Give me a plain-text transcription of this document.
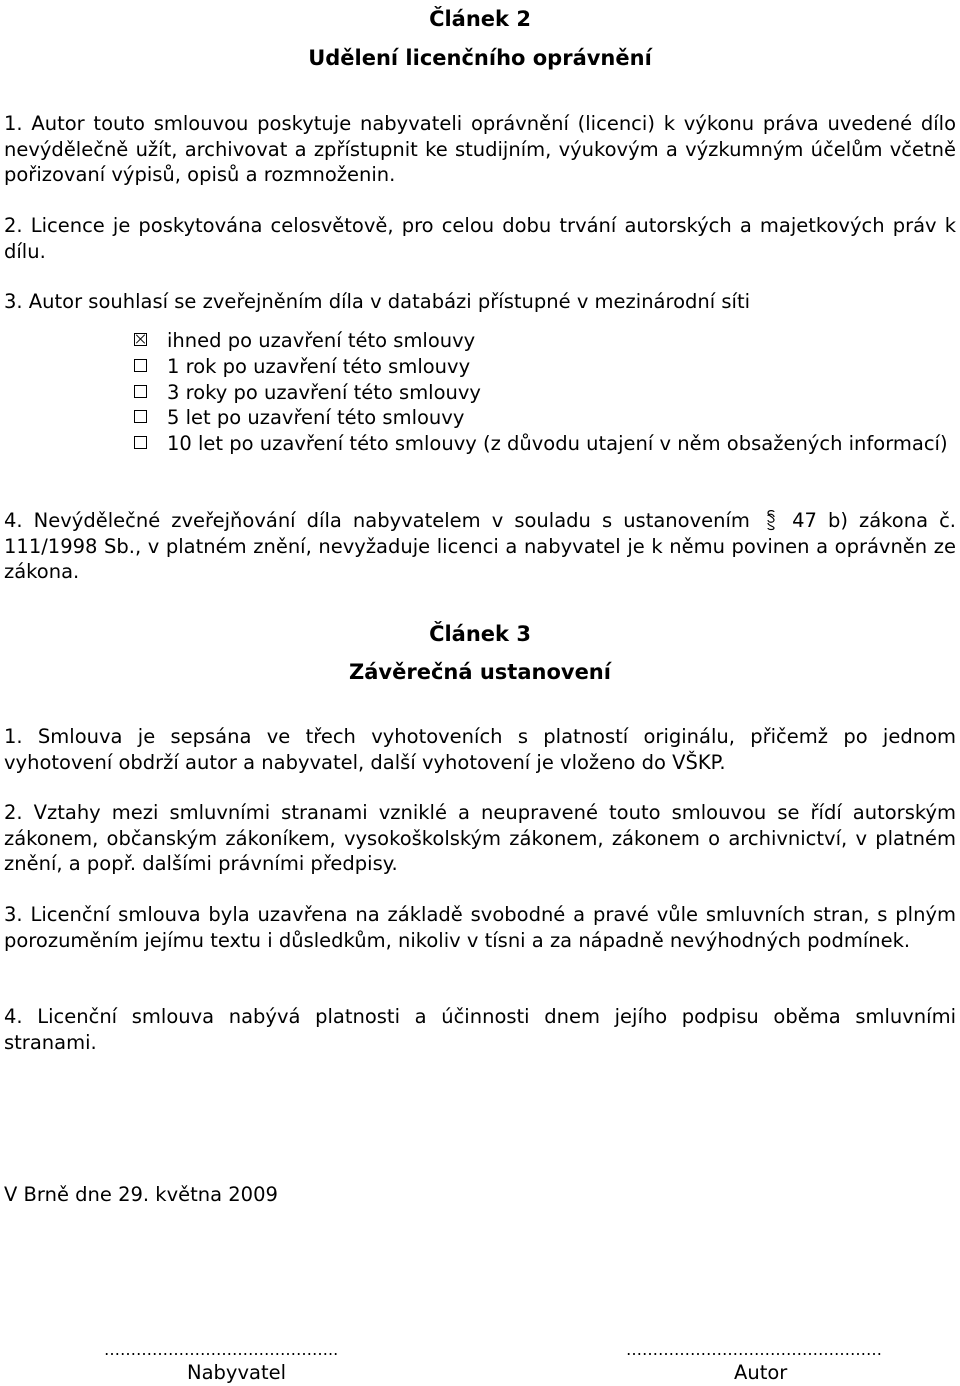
Článek 2
Udělení licenčního oprávnění
1. Autor touto smlouvou poskytuje nabyvateli oprávnění (licenci) k výkonu práva uvedené dílo nevýdělečně užít, archivovat a zpřístupnit ke studijním, výukovým a výzkumným účelům včetně pořizovaní výpisů, opisů a rozmnoženin.
2. Licence je poskytována celosvětově, pro celou dobu trvání autorských a majetkových práv k dílu.
3. Autor souhlasí se zveřejněním díla v databázi přístupné v mezinárodní síti
ihned po uzavření této smlouvy
1 rok po uzavření této smlouvy
3 roky po uzavření této smlouvy
5 let po uzavření této smlouvy
10 let po uzavření této smlouvy (z důvodu utajení v něm obsažených informací)
4. Nevýdělečné zveřejňování díla nabyvatelem v souladu s ustanovením 47 b) zákona č. 111/1998 Sb., v platném znění, nevyžaduje licenci a nabyvatel je k němu povinen a oprávněn ze zákona.
Článek 3
Závěrečná ustanovení
1. Smlouva je sepsána ve třech vyhotoveních s platností originálu, přičemž po jednom vyhotovení obdrží autor a nabyvatel, další vyhotovení je vloženo do VŠKP.
2. Vztahy mezi smluvními stranami vzniklé a neupravené touto smlouvou se řídí autorským zákonem, občanským zákoníkem, vysokoškolským zákonem, zákonem o archivnictví, v platném znění, a popř. dalšími právními předpisy.
3. Licenční smlouva byla uzavřena na základě svobodné a pravé vůle smluvních stran, s plným porozuměním jejímu textu i důsledkům, nikoliv v tísni a za nápadně nevýhodných podmínek.
4. Licenční smlouva nabývá platnosti a účinnosti dnem jejího podpisu oběma smluvními stranami.
V Brně dne 29. května 2009
……………………………………..
Nabyvatel
…………………………………………
Autor
